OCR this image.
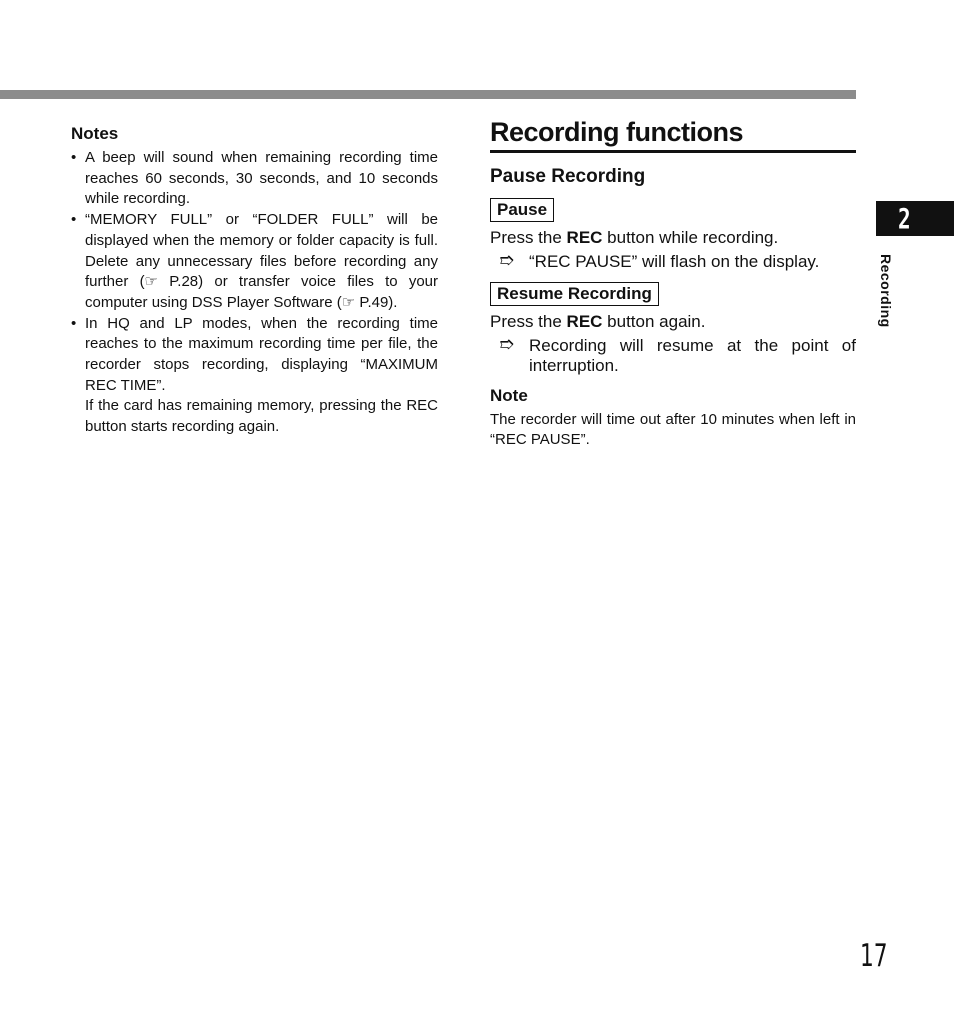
Notes
• A beep will sound when remaining recording time reaches 60 seconds, 30 seconds, and 10 seconds while recording.

• “MEMORY FULL” or “FOLDER FULL” will be displayed when the memory or folder capacity is full. Delete any unnecessary files before recording any further (☞ P.28) or transfer voice files to your computer using DSS Player Software (☞ P.49).

• In HQ and LP modes, when the recording time reaches to the maximum recording time per file, the recorder stops recording, displaying “MAXIMUM REC TIME”.

If the card has remaining memory, pressing the REC button starts recording again.

Recording functions
Pause Recording
Pause
Press the REC button while recording.
➱ “REC PAUSE” will flash on the display.
Resume Recording
Press the REC button again.
➱ Recording will resume at the point of interruption.
Note

The recorder will time out after 10 minutes when left in “REC PAUSE”.

2
Recording
17
